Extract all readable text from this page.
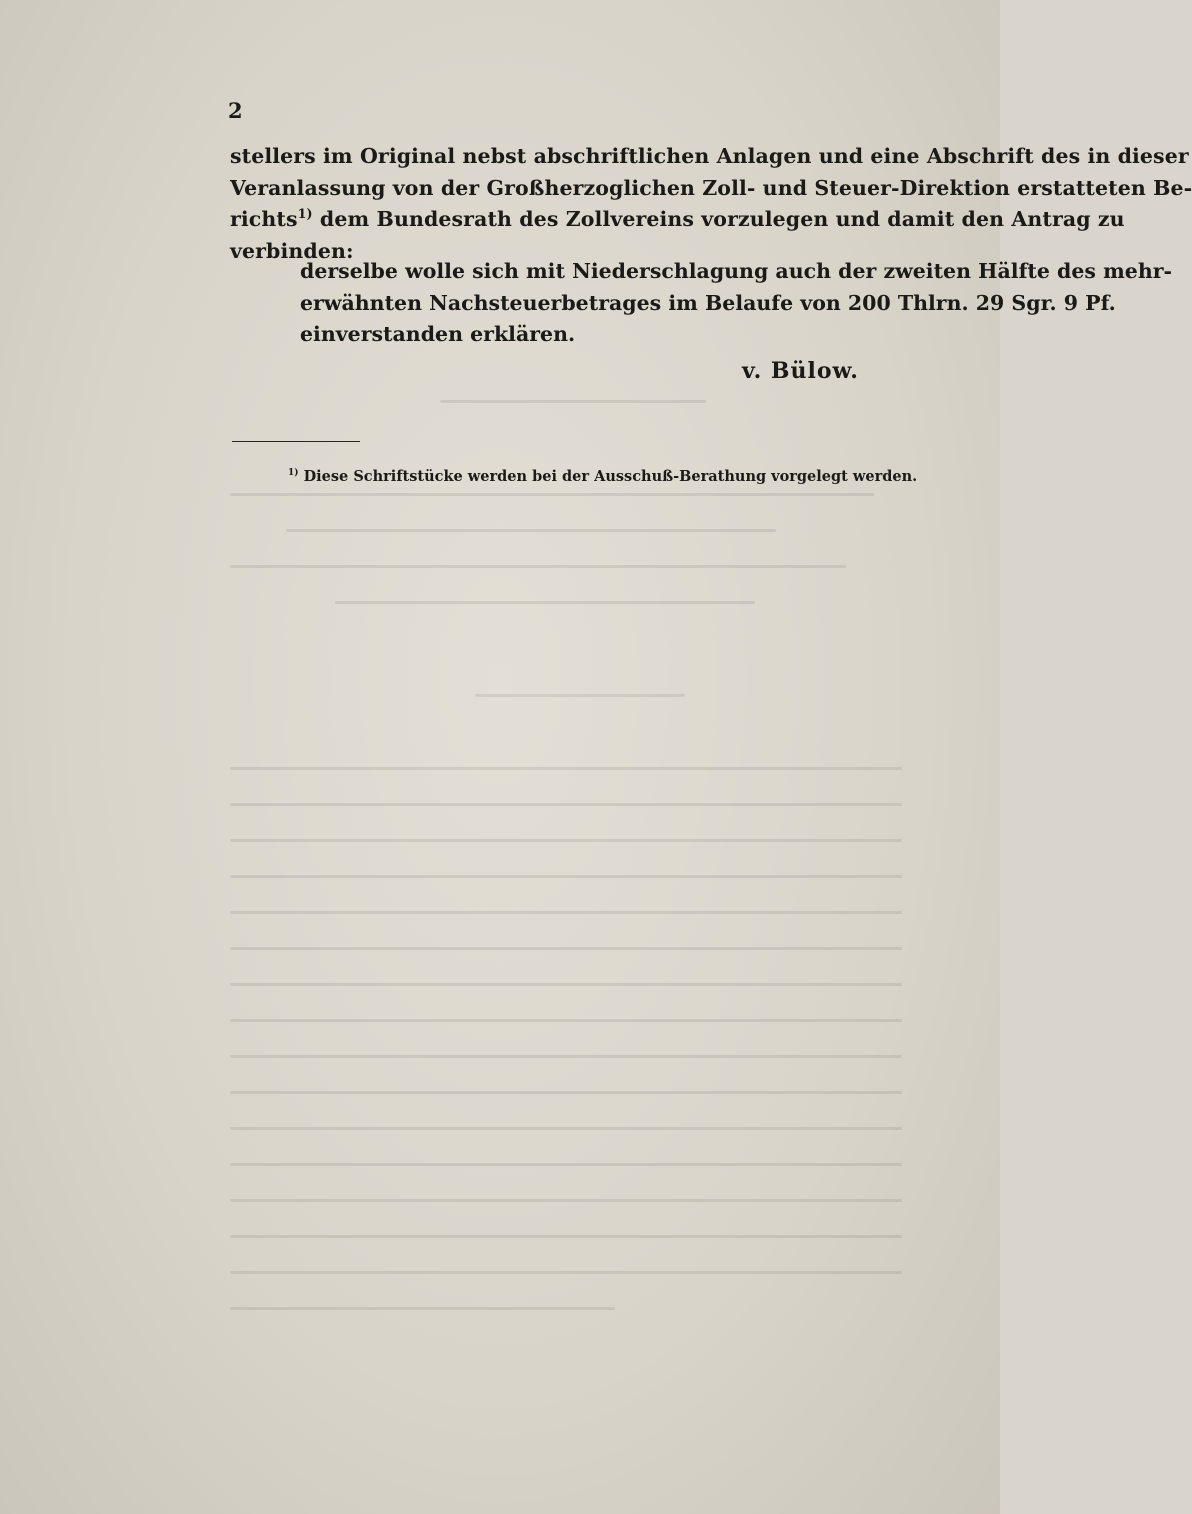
2
stellers im Original nebst abschriftlichen Anlagen und eine Abschrift des in dieser
Veranlassung von der Großherzoglichen Zoll- und Steuer-Direktion erstatteten Be-
richts$^{1)}$ dem Bundesrath des Zollvereins vorzulegen und damit den Antrag zu
verbinden:
derselbe wolle sich mit Niederschlagung auch der zweiten Hälfte des mehr-
erwähnten Nachsteuerbetrages im Belaufe von 200 Thlrn. 29 Sgr. 9 Pf.
einverstanden erklären.
v. Bülow.
$^{1)}$ Diese Schriftstücke werden bei der Ausschuß-Berathung vorgelegt werden.
